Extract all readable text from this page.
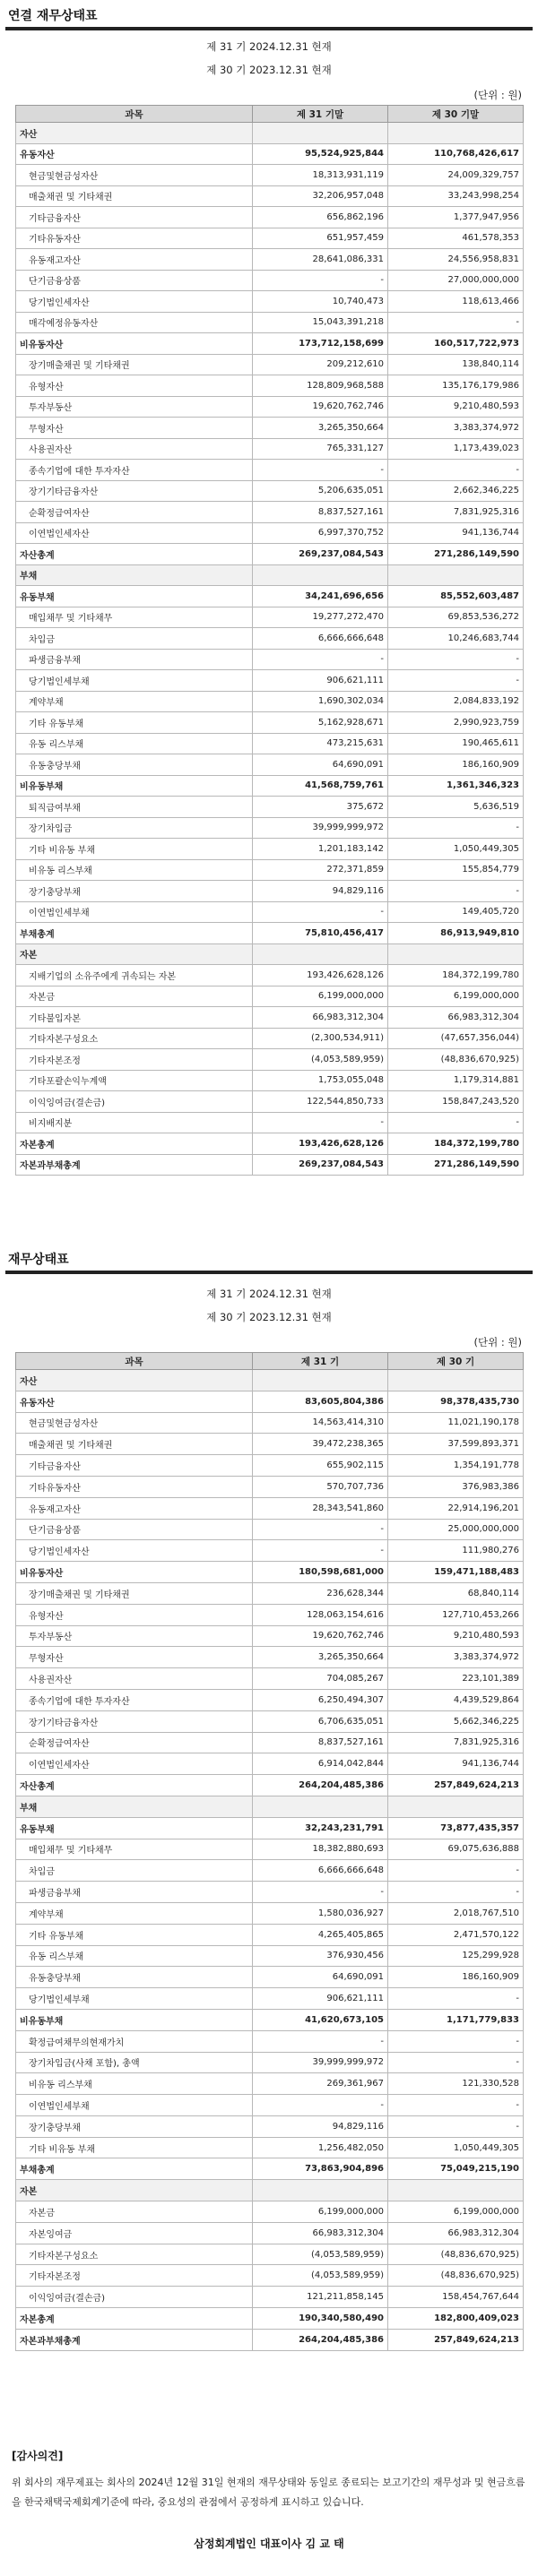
연결 재무상태표
제 31 기 2024.12.31 현재
제 30 기 2023.12.31 현재
(단위 : 원)
과목	제 31 기말	제 30 기말
자산		
유동자산	95,524,925,844	110,768,426,617
현금및현금성자산	18,313,931,119	24,009,329,757
매출채권 및 기타채권	32,206,957,048	33,243,998,254
기타금융자산	656,862,196	1,377,947,956
기타유동자산	651,957,459	461,578,353
유동재고자산	28,641,086,331	24,556,958,831
단기금융상품	-	27,000,000,000
당기법인세자산	10,740,473	118,613,466
매각예정유동자산	15,043,391,218	-
비유동자산	173,712,158,699	160,517,722,973
장기매출채권 및 기타채권	209,212,610	138,840,114
유형자산	128,809,968,588	135,176,179,986
투자부동산	19,620,762,746	9,210,480,593
무형자산	3,265,350,664	3,383,374,972
사용권자산	765,331,127	1,173,439,023
종속기업에 대한 투자자산	-	-
장기기타금융자산	5,206,635,051	2,662,346,225
순확정급여자산	8,837,527,161	7,831,925,316
이연법인세자산	6,997,370,752	941,136,744
자산총계	269,237,084,543	271,286,149,590
부채		
유동부채	34,241,696,656	85,552,603,487
매입채무 및 기타채무	19,277,272,470	69,853,536,272
차입금	6,666,666,648	10,246,683,744
파생금융부채	-	-
당기법인세부채	906,621,111	-
계약부채	1,690,302,034	2,084,833,192
기타 유동부채	5,162,928,671	2,990,923,759
유동 리스부채	473,215,631	190,465,611
유동충당부채	64,690,091	186,160,909
비유동부채	41,568,759,761	1,361,346,323
퇴직급여부채	375,672	5,636,519
장기차입금	39,999,999,972	-
기타 비유동 부채	1,201,183,142	1,050,449,305
비유동 리스부채	272,371,859	155,854,779
장기충당부채	94,829,116	-
이연법인세부채	-	149,405,720
부채총계	75,810,456,417	86,913,949,810
자본		
지배기업의 소유주에게 귀속되는 자본	193,426,628,126	184,372,199,780
자본금	6,199,000,000	6,199,000,000
기타불입자본	66,983,312,304	66,983,312,304
기타자본구성요소	(2,300,534,911)	(47,657,356,044)
기타자본조정	(4,053,589,959)	(48,836,670,925)
기타포괄손익누계액	1,753,055,048	1,179,314,881
이익잉여금(결손금)	122,544,850,733	158,847,243,520
비지배지분	-	-
자본총계	193,426,628,126	184,372,199,780
자본과부채총계	269,237,084,543	271,286,149,590
재무상태표
제 31 기 2024.12.31 현재
제 30 기 2023.12.31 현재
(단위 : 원)
과목	제 31 기	제 30 기
자산		
유동자산	83,605,804,386	98,378,435,730
현금및현금성자산	14,563,414,310	11,021,190,178
매출채권 및 기타채권	39,472,238,365	37,599,893,371
기타금융자산	655,902,115	1,354,191,778
기타유동자산	570,707,736	376,983,386
유동재고자산	28,343,541,860	22,914,196,201
단기금융상품	-	25,000,000,000
당기법인세자산	-	111,980,276
비유동자산	180,598,681,000	159,471,188,483
장기매출채권 및 기타채권	236,628,344	68,840,114
유형자산	128,063,154,616	127,710,453,266
투자부동산	19,620,762,746	9,210,480,593
무형자산	3,265,350,664	3,383,374,972
사용권자산	704,085,267	223,101,389
종속기업에 대한 투자자산	6,250,494,307	4,439,529,864
장기기타금융자산	6,706,635,051	5,662,346,225
순확정급여자산	8,837,527,161	7,831,925,316
이연법인세자산	6,914,042,844	941,136,744
자산총계	264,204,485,386	257,849,624,213
부채		
유동부채	32,243,231,791	73,877,435,357
매입채무 및 기타채무	18,382,880,693	69,075,636,888
차입금	6,666,666,648	-
파생금융부채	-	-
계약부채	1,580,036,927	2,018,767,510
기타 유동부채	4,265,405,865	2,471,570,122
유동 리스부채	376,930,456	125,299,928
유동충당부채	64,690,091	186,160,909
당기법인세부채	906,621,111	-
비유동부채	41,620,673,105	1,171,779,833
확정급여채무의현재가치	-	-
장기차입금(사채 포함), 총액	39,999,999,972	-
비유동 리스부채	269,361,967	121,330,528
이연법인세부채	-	-
장기충당부채	94,829,116	-
기타 비유동 부채	1,256,482,050	1,050,449,305
부채총계	73,863,904,896	75,049,215,190
자본		
자본금	6,199,000,000	6,199,000,000
자본잉여금	66,983,312,304	66,983,312,304
기타자본구성요소	(4,053,589,959)	(48,836,670,925)
기타자본조정	(4,053,589,959)	(48,836,670,925)
이익잉여금(결손금)	121,211,858,145	158,454,767,644
자본총계	190,340,580,490	182,800,409,023
자본과부채총계	264,204,485,386	257,849,624,213
[감사의견]
위 회사의 재무제표는 회사의 2024년 12월 31일 현재의 재무상태와 동일로 종료되는 보고기간의 재무성과 및 현금흐름을 한국채택국제회계기준에 따라, 중요성의 관점에서 공정하게 표시하고 있습니다.
삼정회계법인 대표이사 김 교 태
